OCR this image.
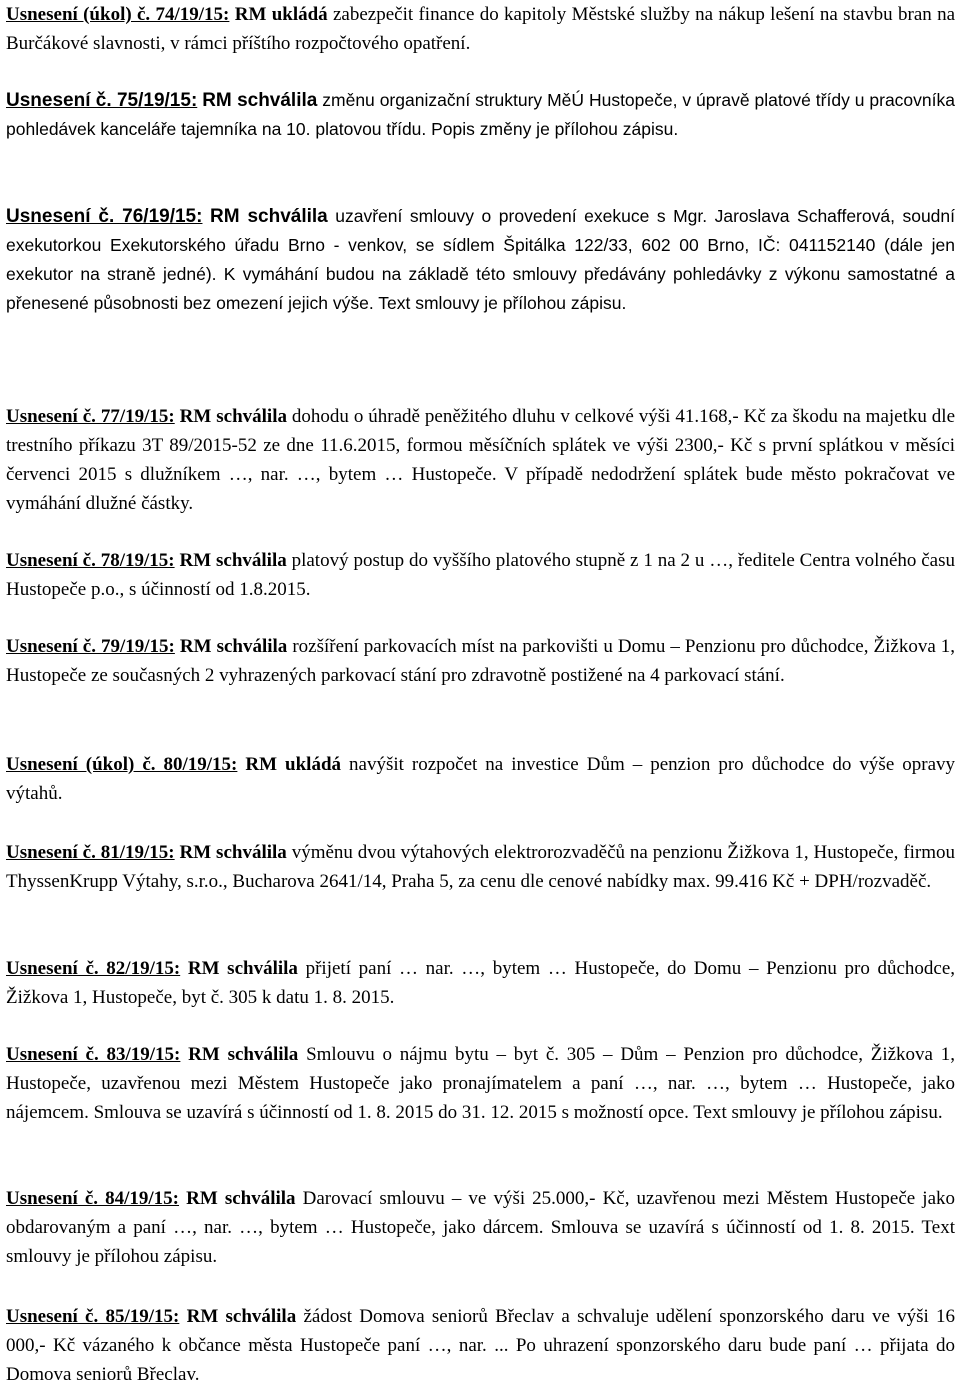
Usnesení (úkol) č. 74/19/15: RM ukládá zabezpečit finance do kapitoly Městské služby na nákup lešení na stavbu bran na Burčákové slavnosti, v rámci příštího rozpočtového opatření.

Usnesení č. 75/19/15: RM schválila změnu organizační struktury MěÚ Hustopeče, v úpravě platové třídy u pracovníka pohledávek kanceláře tajemníka na 10. platovou třídu. Popis změny je přílohou zápisu.

Usnesení č. 76/19/15: RM schválila uzavření smlouvy o provedení exekuce s Mgr. Jaroslava Schafferová, soudní exekutorkou Exekutorského úřadu Brno - venkov, se sídlem Špitálka 122/33, 602 00 Brno, IČ: 041152140 (dále jen exekutor na straně jedné). K vymáhání budou na základě této smlouvy předávány pohledávky z výkonu samostatné a přenesené působnosti bez omezení jejich výše. Text smlouvy je přílohou zápisu.

Usnesení č. 77/19/15: RM schválila dohodu o úhradě peněžitého dluhu v celkové výši 41.168,- Kč za škodu na majetku dle trestního příkazu 3T 89/2015-52 ze dne 11.6.2015, formou měsíčních splátek ve výši 2300,- Kč s první splátkou v měsíci červenci 2015 s dlužníkem …, nar. …, bytem … Hustopeče. V případě nedodržení splátek bude město pokračovat ve vymáhání dlužné částky.

Usnesení č. 78/19/15: RM schválila platový postup do vyššího platového stupně z 1 na 2 u …, ředitele Centra volného času Hustopeče p.o., s účinností od 1.8.2015.

Usnesení č. 79/19/15: RM schválila rozšíření parkovacích míst na parkovišti u Domu – Penzionu pro důchodce, Žižkova 1, Hustopeče ze současných 2 vyhrazených parkovací stání pro zdravotně postižené na 4 parkovací stání.

Usnesení (úkol) č. 80/19/15: RM ukládá navýšit rozpočet na investice Dům – penzion pro důchodce do výše opravy výtahů.

Usnesení č. 81/19/15: RM schválila výměnu dvou výtahových elektrorozvaděčů na penzionu Žižkova 1, Hustopeče, firmou ThyssenKrupp Výtahy, s.r.o., Bucharova 2641/14, Praha 5, za cenu dle cenové nabídky max. 99.416 Kč + DPH/rozvaděč.

Usnesení č. 82/19/15: RM schválila přijetí paní … nar. …, bytem … Hustopeče, do Domu – Penzionu pro důchodce, Žižkova 1, Hustopeče, byt č. 305 k datu 1. 8. 2015.

Usnesení č. 83/19/15: RM schválila Smlouvu o nájmu bytu – byt č. 305 – Dům – Penzion pro důchodce, Žižkova 1, Hustopeče, uzavřenou mezi Městem Hustopeče jako pronajímatelem a paní …, nar. …, bytem … Hustopeče, jako nájemcem. Smlouva se uzavírá s účinností od 1. 8. 2015 do 31. 12. 2015 s možností opce. Text smlouvy je přílohou zápisu.

Usnesení č. 84/19/15: RM schválila Darovací smlouvu – ve výši 25.000,- Kč, uzavřenou mezi Městem Hustopeče jako obdarovaným a paní …, nar. …, bytem … Hustopeče, jako dárcem. Smlouva se uzavírá s účinností od 1. 8. 2015. Text smlouvy je přílohou zápisu.

Usnesení č. 85/19/15: RM schválila žádost Domova seniorů Břeclav a schvaluje udělení sponzorského daru ve výši 16 000,- Kč vázaného k občance města Hustopeče paní …, nar. ... Po uhrazení sponzorského daru bude paní … přijata do Domova seniorů Břeclav.
